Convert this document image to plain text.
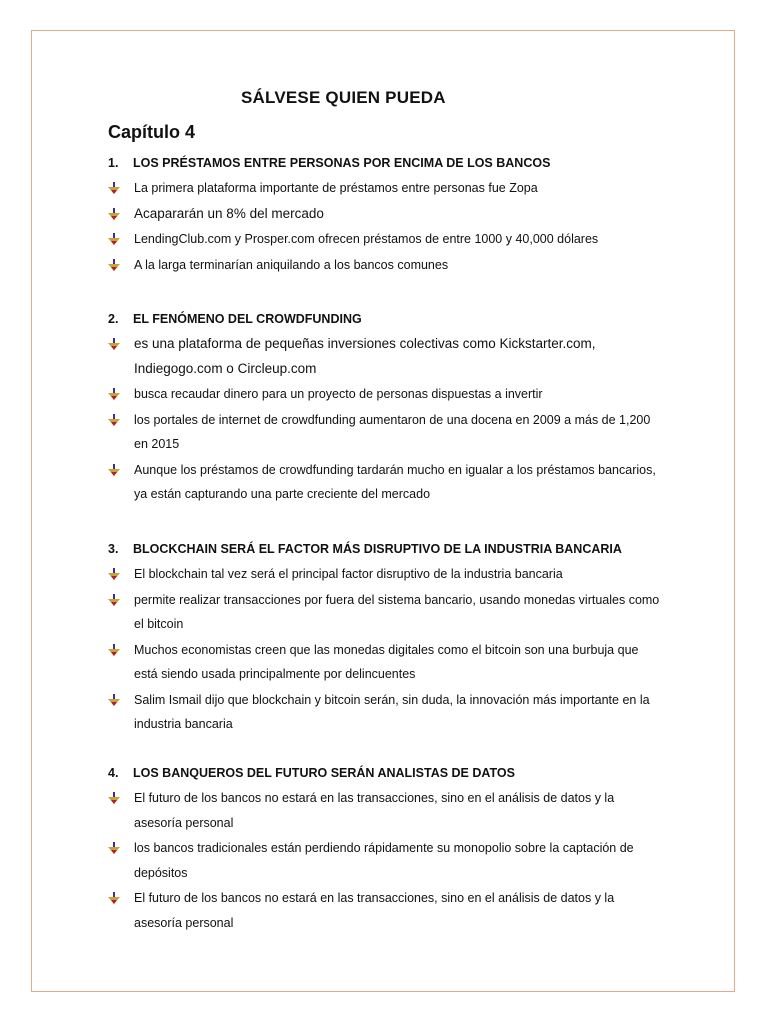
SÁLVESE QUIEN PUEDA
Capítulo 4
1.	LOS PRÉSTAMOS ENTRE PERSONAS POR ENCIMA DE LOS BANCOS
La primera plataforma importante de préstamos entre personas fue Zopa
Acapararán un 8% del mercado
LendingClub.com y Prosper.com ofrecen préstamos de entre 1000 y 40,000 dólares
A la larga terminarían aniquilando a los bancos comunes
2.	EL FENÓMENO DEL CROWDFUNDING
es una plataforma de pequeñas inversiones colectivas como Kickstarter.com, Indiegogo.com o Circleup.com
busca recaudar dinero para un proyecto de personas dispuestas a invertir
los portales de internet de crowdfunding aumentaron de una docena en 2009 a más de 1,200 en 2015
Aunque los préstamos de crowdfunding tardarán mucho en igualar a los préstamos bancarios, ya están capturando una parte creciente del mercado
3.	BLOCKCHAIN SERÁ EL FACTOR MÁS DISRUPTIVO DE LA INDUSTRIA BANCARIA
El blockchain tal vez será el principal factor disruptivo de la industria bancaria
permite realizar transacciones por fuera del sistema bancario, usando monedas virtuales como el bitcoin
Muchos economistas creen que las monedas digitales como el bitcoin son una burbuja que está siendo usada principalmente por delincuentes
Salim Ismail dijo que blockchain y bitcoin serán, sin duda, la innovación más importante en la industria bancaria
4.	LOS BANQUEROS DEL FUTURO SERÁN ANALISTAS DE DATOS
El futuro de los bancos no estará en las transacciones, sino en el análisis de datos y la asesoría personal
los bancos tradicionales están perdiendo rápidamente su monopolio sobre la captación de depósitos
El futuro de los bancos no estará en las transacciones, sino en el análisis de datos y la asesoría personal
